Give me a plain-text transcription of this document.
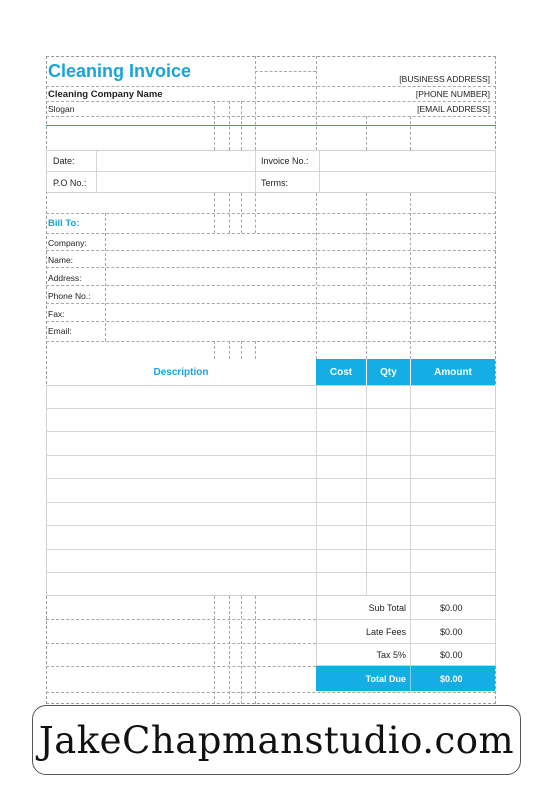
Cleaning Invoice
Cleaning Company Name
Slogan
[BUSINESS ADDRESS]
[PHONE NUMBER]
[EMAIL ADDRESS]
Date:
P.O No.:
Invoice No.:
Terms:
Bill To:
Company:
Name:
Address:
Phone No.:
Fax:
Email:
Description	Cost	Qty	Amount
Sub Total	$0.00
Late Fees	$0.00
Tax 5%	$0.00
Total Due	$0.00
JakeChapmanstudio.com
